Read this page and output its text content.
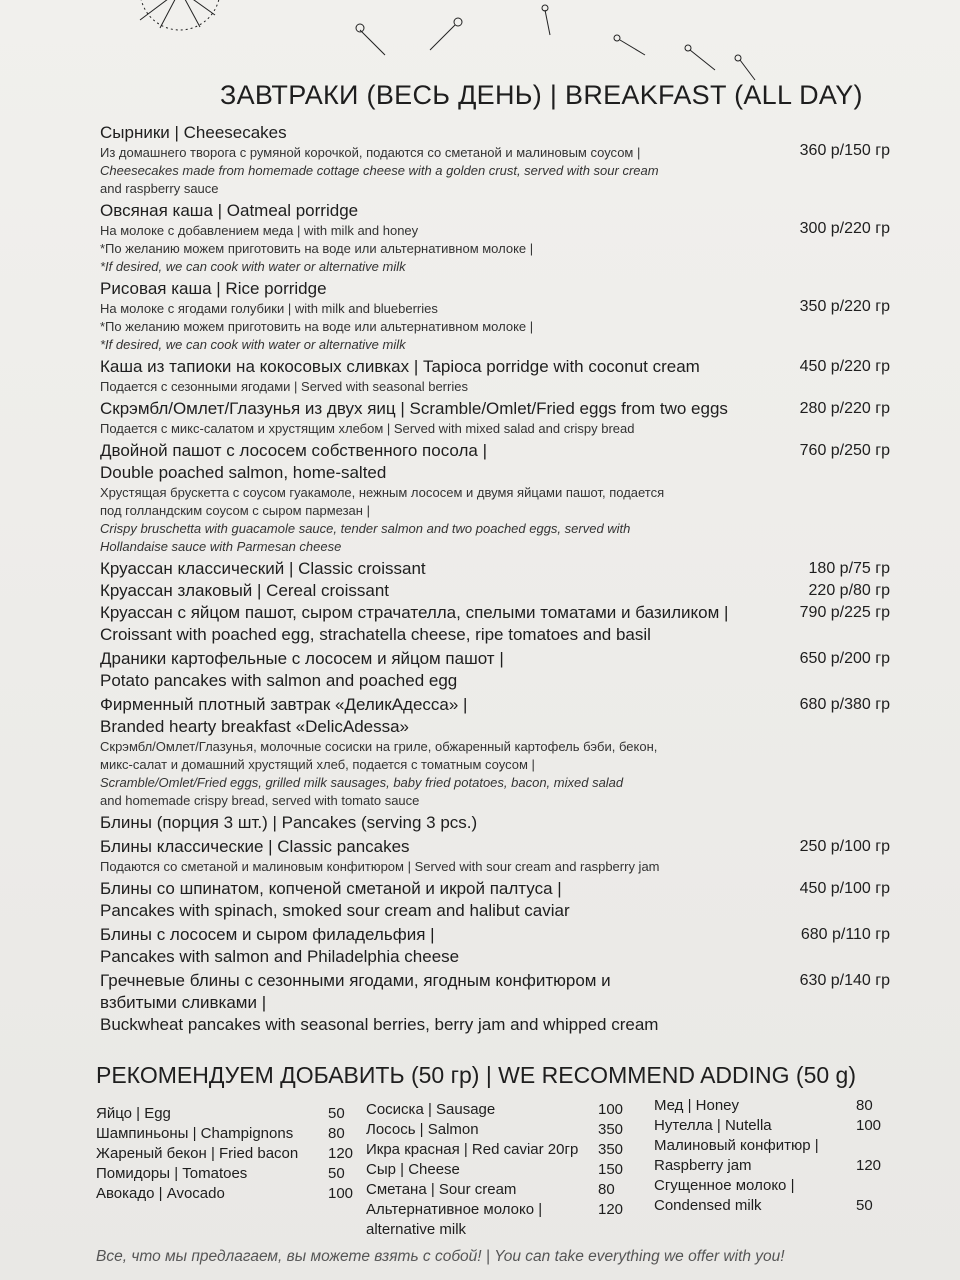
ЗАВТРАКИ (ВЕСЬ ДЕНЬ) | BREAKFAST (ALL DAY)
Сырники | Cheesecakes
Из домашнего творога с румяной корочкой, подаются со сметаной и малиновым соусом |
Cheesecakes made from homemade cottage cheese with a golden crust, served with sour cream
and raspberry sauce
360 р/150 гр
Овсяная каша | Oatmeal porridge
На молоке с добавлением меда | with milk and honey
*По желанию можем приготовить на воде или альтернативном молоке |
*If desired, we can cook with water or alternative milk
300 р/220 гр
Рисовая каша | Rice porridge
На молоке с ягодами голубики | with milk and blueberries
*По желанию можем приготовить на воде или альтернативном молоке |
*If desired, we can cook with water or alternative milk
350 р/220 гр
Каша из тапиоки на кокосовых сливках | Tapioca porridge with coconut cream
Подается с сезонными ягодами | Served with seasonal berries
450 р/220 гр
Скрэмбл/Омлет/Глазунья из двух яиц | Scramble/Omlet/Fried eggs from two eggs
Подается с микс-салатом и хрустящим хлебом | Served with mixed salad and crispy bread
280 р/220 гр
Двойной пашот с лососем собственного посола |
Double poached salmon, home-salted
Хрустящая брускетта с соусом гуакамоле, нежным лососем и двумя яйцами пашот, подается
под голландским соусом с сыром пармезан |
Crispy bruschetta with guacamole sauce, tender salmon and two poached eggs, served with
Hollandaise sauce with Parmesan cheese
760 р/250 гр
Круассан классический | Classic croissant	180 р/75 гр
Круассан злаковый | Cereal croissant	220 р/80 гр
Круассан с яйцом пашот, сыром страчателла, спелыми томатами и базиликом |
Croissant with poached egg, strachatella cheese, ripe tomatoes and basil
790 р/225 гр
Драники картофельные с лососем и яйцом пашот |
Potato pancakes with salmon and poached egg
650 р/200 гр
Фирменный плотный завтрак «ДеликАдесса» |
Branded hearty breakfast «DelicAdessa»
Скрэмбл/Омлет/Глазунья, молочные сосиски на гриле, обжаренный картофель бэби, бекон,
микс-салат и домашний хрустящий хлеб, подается с томатным соусом |
Scramble/Omlet/Fried eggs, grilled milk sausages, baby fried potatoes, bacon, mixed salad
and homemade crispy bread, served with tomato sauce
680 р/380 гр
Блины (порция 3 шт.) | Pancakes (serving 3 pcs.)
Блины классические | Classic pancakes
Подаются со сметаной и малиновым конфитюром | Served with sour cream and raspberry jam
250 р/100 гр
Блины со шпинатом, копченой сметаной и икрой палтуса |
Pancakes with spinach, smoked sour cream and halibut caviar
450 р/100 гр
Блины с лососем и сыром филадельфия |
Pancakes with salmon and Philadelphia cheese
680 р/110 гр
Гречневые блины с сезонными ягодами, ягодным конфитюром и
взбитыми сливками |
Buckwheat pancakes with seasonal berries, berry jam and whipped cream
630 р/140 гр
РЕКОМЕНДУЕМ ДОБАВИТЬ (50 гр) | WE RECOMMEND ADDING (50 g)
Яйцо | Egg	50
Шампиньоны | Champignons 80
Жареный бекон | Fried bacon 120
Помидоры | Tomatoes	50
Авокадо | Avocado	100
Сосиска | Sausage	100
Лосось | Salmon	350
Икра красная | Red caviar 20гр 350
Сыр | Cheese	150
Сметана | Sour cream	80
Альтернативное молоко |	120
alternative milk
Мед | Honey	80
Нутелла | Nutella	100
Малиновый конфитюр |
Raspberry jam	120
Сгущенное молоко |
Condensed milk	50
Все, что мы предлагаем, вы можете взять с собой! | You can take everything we offer with you!
